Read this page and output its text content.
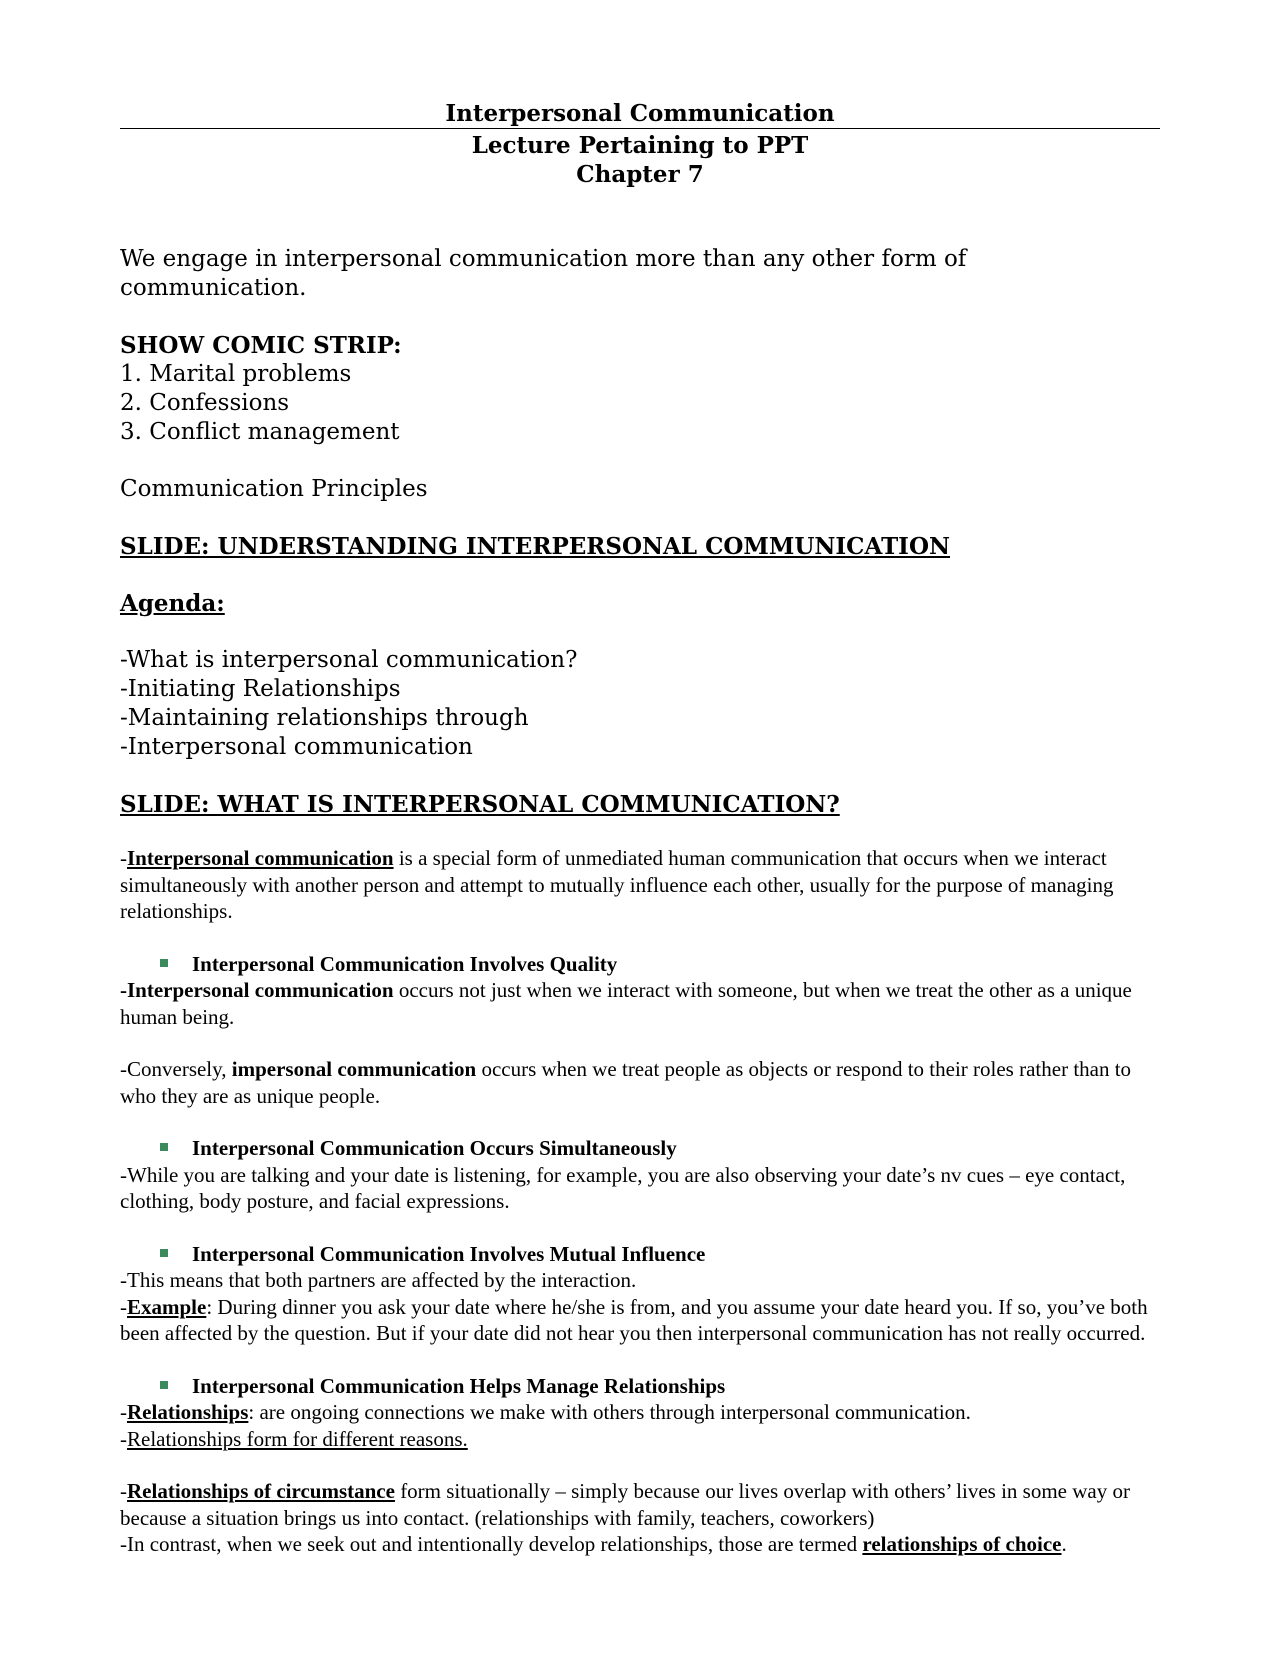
Interpersonal Communication
Lecture Pertaining to PPT
Chapter 7

We engage in interpersonal communication more than any other form of communication.

SHOW COMIC STRIP:

1. Marital problems

2. Confessions

3. Conflict management

Communication Principles

SLIDE: UNDERSTANDING INTERPERSONAL COMMUNICATION

Agenda:

-What is interpersonal communication?

-Initiating Relationships

-Maintaining relationships through

-Interpersonal communication

SLIDE: WHAT IS INTERPERSONAL COMMUNICATION?

-Interpersonal communication is a special form of unmediated human communication that occurs when we interact simultaneously with another person and attempt to mutually influence each other, usually for the purpose of managing relationships.

Interpersonal Communication Involves Quality

-Interpersonal communication occurs not just when we interact with someone, but when we treat the other as a unique human being.

-Conversely, impersonal communication occurs when we treat people as objects or respond to their roles rather than to who they are as unique people.

Interpersonal Communication Occurs Simultaneously

-While you are talking and your date is listening, for example, you are also observing your date’s nv cues – eye contact, clothing, body posture, and facial expressions.

Interpersonal Communication Involves Mutual Influence

-This means that both partners are affected by the interaction.

-Example: During dinner you ask your date where he/she is from, and you assume your date heard you. If so, you’ve both been affected by the question. But if your date did not hear you then interpersonal communication has not really occurred.

Interpersonal Communication Helps Manage Relationships

-Relationships: are ongoing connections we make with others through interpersonal communication.

-Relationships form for different reasons.

-Relationships of circumstance form situationally – simply because our lives overlap with others’ lives in some way or because a situation brings us into contact. (relationships with family, teachers, coworkers)

-In contrast, when we seek out and intentionally develop relationships, those are termed relationships of choice.
